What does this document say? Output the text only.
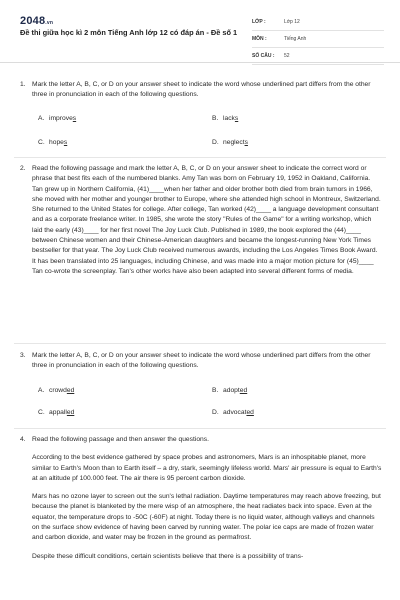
2048.vn
Đề thi giữa học kì 2 môn Tiếng Anh lớp 12 có đáp án - Đề số 1
LỚP :	Lớp 12
MÔN :	Tiếng Anh
SỐ CÂU :	52
1. Mark the letter A, B, C, or D on your answer sheet to indicate the word whose underlined part differs from the other three in pronunciation in each of the following questions.
A. improves	B. lacks
C. hopes	D. neglects
2. Read the following passage and mark the letter A, B, C, or D on your answer sheet to indicate the correct word or phrase that best fits each of the numbered blanks. Amy Tan was born on February 19, 1952 in Oakland, California. Tan grew up in Northern California, (41)____when her father and older brother both died from brain tumors in 1966, she moved with her mother and younger brother to Europe, where she attended high school in Montreux, Switzerland. She returned to the United States for college. After college, Tan worked (42)____ a language development consultant and as a corporate freelance writer. In 1985, she wrote the story "Rules of the Game" for a writing workshop, which laid the early (43)____ for her first novel The Joy Luck Club. Published in 1989, the book explored the (44)____ between Chinese women and their Chinese-American daughters and became the longest-running New York Times bestseller for that year. The Joy Luck Club received numerous awards, including the Los Angeles Times Book Award. It has been translated into 25 languages, including Chinese, and was made into a major motion picture for (45)____ Tan co-wrote the screenplay. Tan's other works have also been adapted into several different forms of media.
3. Mark the letter A, B, C, or D on your answer sheet to indicate the word whose underlined part differs from the other three in pronunciation in each of the following questions.
A. crowded	B. adopted
C. appalled	D. advocated
4. Read the following passage and then answer the questions.

According to the best evidence gathered by space probes and astronomers, Mars is an inhospitable planet, more similar to Earth's Moon than to Earth itself – a dry, stark, seemingly lifeless world. Mars' air pressure is equal to Earth's at an altitude pf 100.000 feet. The air there is 95 percent carbon dioxide.

Mars has no ozone layer to screen out the sun's lethal radiation. Daytime temperatures may reach above freezing, but because the planet is blanketed by the mere wisp of an atmosphere, the heat radiates back into space. Even at the equator, the temperature drops to -50C (-60F) at night. Today there is no liquid water, although valleys and channels on the surface show evidence of having been carved by running water. The polar ice caps are made of frozen water and carbon dioxide, and water may be frozen in the ground as permafrost.

Despite these difficult conditions, certain scientists believe that there is a possibility of trans-
